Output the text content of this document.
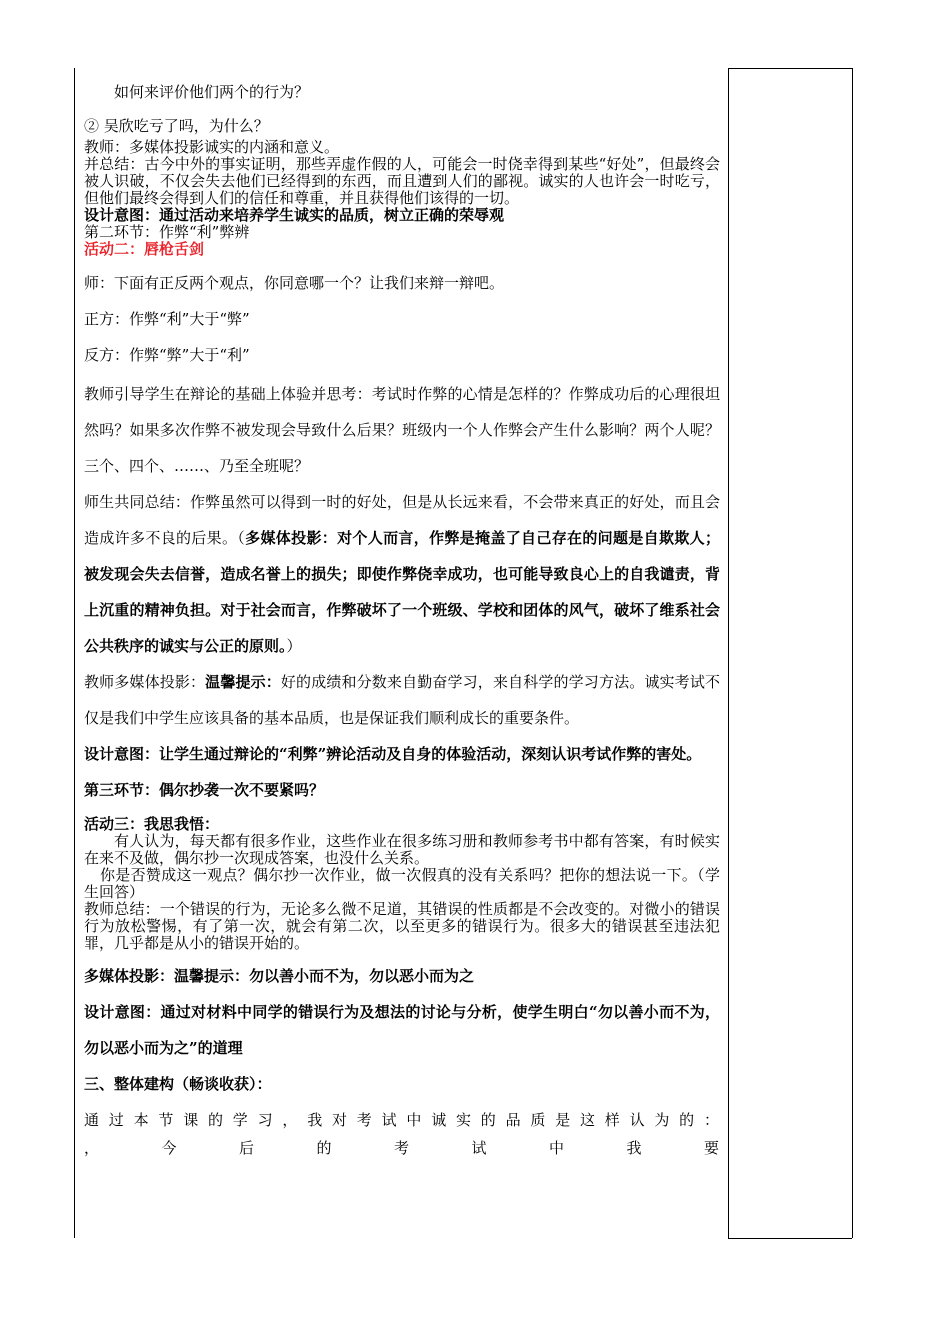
如何来评价他们两个的行为？

② 吴欣吃亏了吗，为什么？

教师：多媒体投影诚实的内涵和意义。

并总结：古今中外的事实证明，那些弄虚作假的人，可能会一时侥幸得到某些“好处”，但最终会被人识破，不仅会失去他们已经得到的东西，而且遭到人们的鄙视。诚实的人也许会一时吃亏，但他们最终会得到人们的信任和尊重，并且获得他们该得的一切。

设计意图：通过活动来培养学生诚实的品质，树立正确的荣辱观

第二环节：作弊“利”弊辨

活动二：唇枪舌剑

师：下面有正反两个观点，你同意哪一个？让我们来辩一辩吧。

正方：作弊“利”大于“弊”

反方：作弊“弊”大于“利”

教师引导学生在辩论的基础上体验并思考：考试时作弊的心情是怎样的？作弊成功后的心理很坦然吗？如果多次作弊不被发现会导致什么后果？班级内一个人作弊会产生什么影响？两个人呢？三个、四个、……、乃至全班呢？

师生共同总结：作弊虽然可以得到一时的好处，但是从长远来看，不会带来真正的好处，而且会造成许多不良的后果。（多媒体投影：对个人而言，作弊是掩盖了自己存在的问题是自欺欺人；被发现会失去信誉，造成名誉上的损失；即使作弊侥幸成功，也可能导致良心上的自我谴责，背上沉重的精神负担。对于社会而言，作弊破坏了一个班级、学校和团体的风气，破坏了维系社会公共秩序的诚实与公正的原则。）

教师多媒体投影：温馨提示：好的成绩和分数来自勤奋学习，来自科学的学习方法。诚实考试不仅是我们中学生应该具备的基本品质，也是保证我们顺利成长的重要条件。

设计意图：让学生通过辩论的“利弊”辨论活动及自身的体验活动，深刻认识考试作弊的害处。

第三环节：偶尔抄袭一次不要紧吗？

活动三：我思我悟：

有人认为，每天都有很多作业，这些作业在很多练习册和教师参考书中都有答案，有时候实在来不及做，偶尔抄一次现成答案，也没什么关系。

你是否赞成这一观点？偶尔抄一次作业，做一次假真的没有关系吗？把你的想法说一下。（学生回答）

教师总结：一个错误的行为，无论多么微不足道，其错误的性质都是不会改变的。对微小的错误行为放松警惕，有了第一次，就会有第二次，以至更多的错误行为。很多大的错误甚至违法犯罪，几乎都是从小的错误开始的。

多媒体投影：温馨提示：勿以善小而不为，勿以恶小而为之

设计意图：通过对材料中同学的错误行为及想法的讨论与分析，使学生明白“勿以善小而不为，勿以恶小而为之”的道理

三、整体建构（畅谈收获）：

通过本节课的学习，我对考试中诚实的品质是这样认为的：

，今后的考试中我要
